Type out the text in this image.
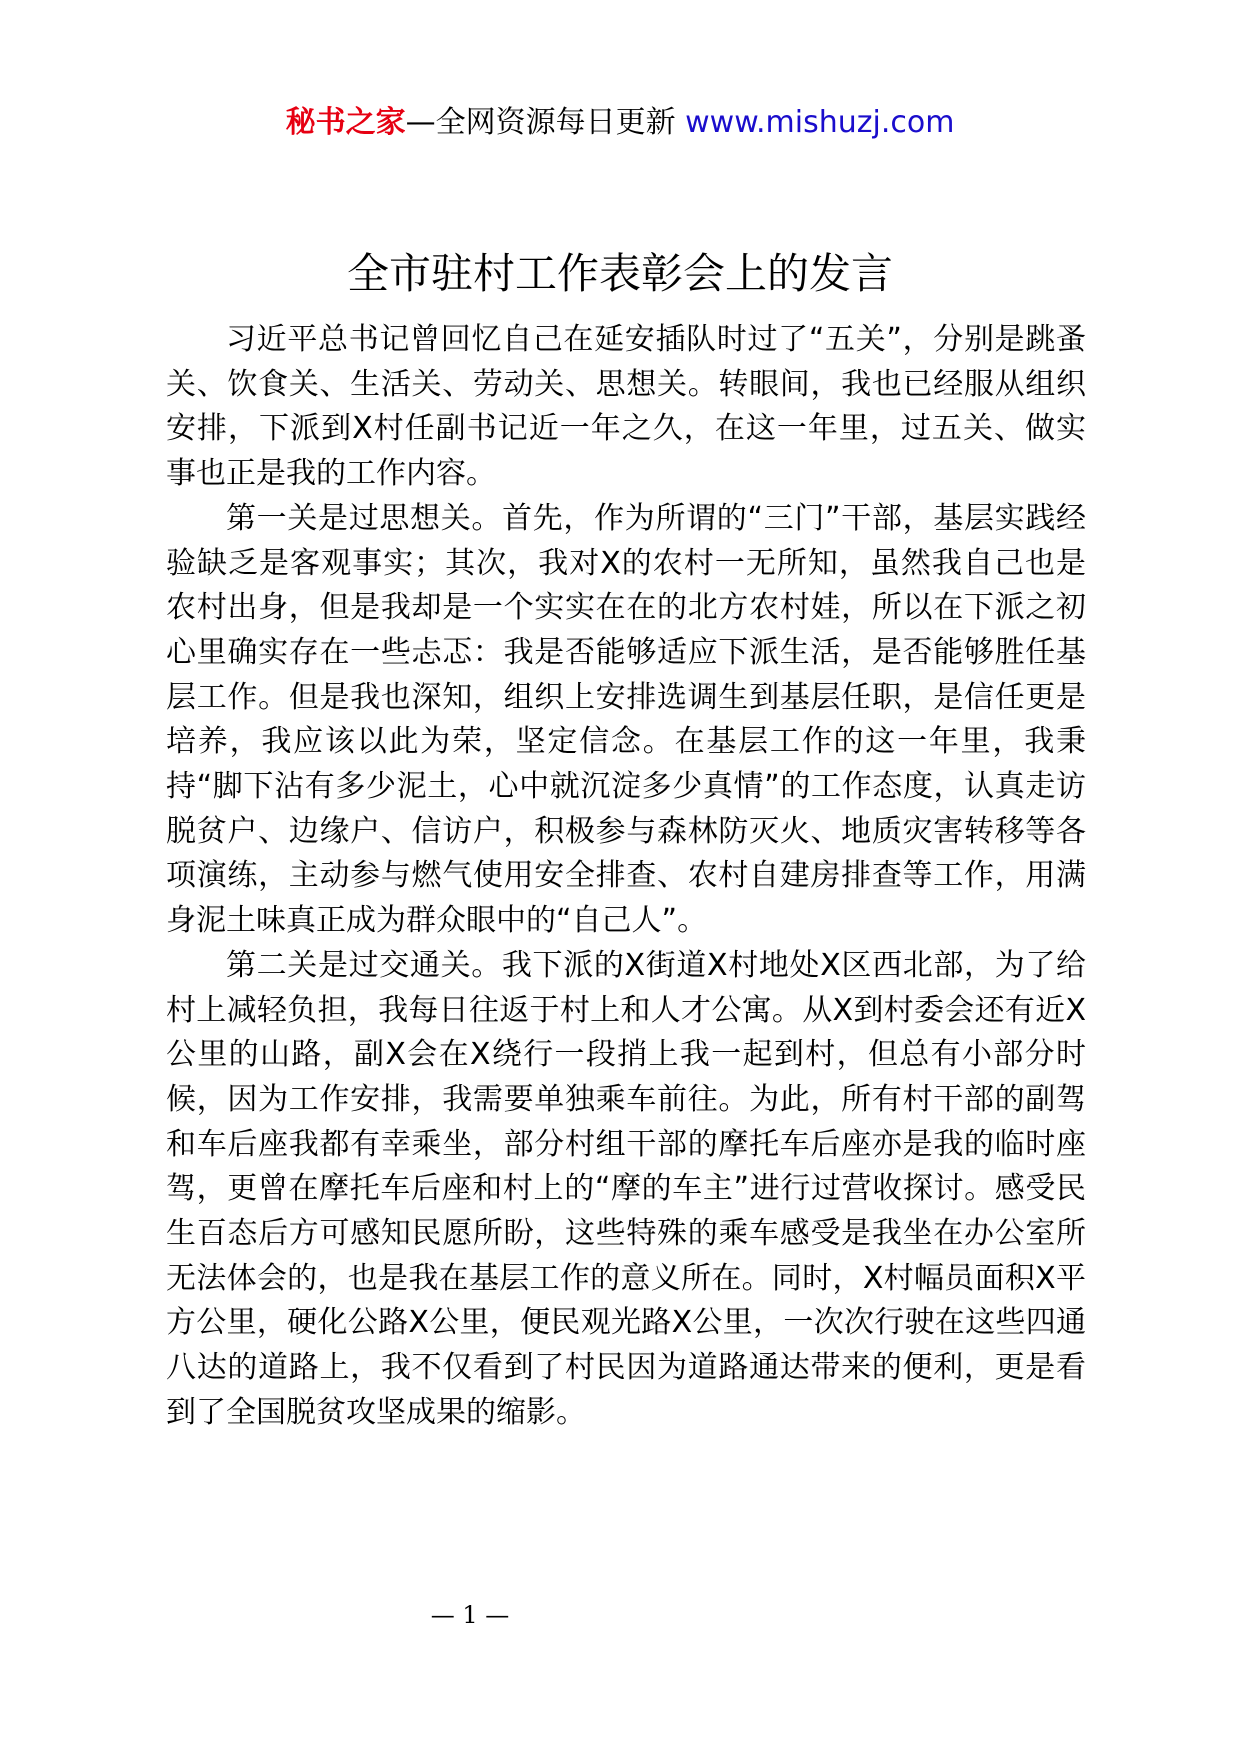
秘书之家—全网资源每日更新 www.mishuzj.com
全市驻村工作表彰会上的发言

习近平总书记曾回忆自己在延安插队时过了“五关”，分别是跳蚤关、饮食关、生活关、劳动关、思想关。转眼间，我也已经服从组织安排，下派到X村任副书记近一年之久，在这一年里，过五关、做实事也正是我的工作内容。

第一关是过思想关。首先，作为所谓的“三门”干部，基层实践经验缺乏是客观事实；其次，我对X的农村一无所知，虽然我自己也是农村出身，但是我却是一个实实在在的北方农村娃，所以在下派之初心里确实存在一些忐忑：我是否能够适应下派生活，是否能够胜任基层工作。但是我也深知，组织上安排选调生到基层任职，是信任更是培养，我应该以此为荣，坚定信念。在基层工作的这一年里，我秉持“脚下沾有多少泥土，心中就沉淀多少真情”的工作态度，认真走访脱贫户、边缘户、信访户，积极参与森林防灭火、地质灾害转移等各项演练，主动参与燃气使用安全排查、农村自建房排查等工作，用满身泥土味真正成为群众眼中的“自己人”。

第二关是过交通关。我下派的X街道X村地处X区西北部，为了给村上减轻负担，我每日往返于村上和人才公寓。从X到村委会还有近X公里的山路，副X会在X绕行一段捎上我一起到村，但总有小部分时候，因为工作安排，我需要单独乘车前往。为此，所有村干部的副驾和车后座我都有幸乘坐，部分村组干部的摩托车后座亦是我的临时座驾，更曾在摩托车后座和村上的“摩的车主”进行过营收探讨。感受民生百态后方可感知民愿所盼，这些特殊的乘车感受是我坐在办公室所无法体会的，也是我在基层工作的意义所在。同时，X村幅员面积X平方公里，硬化公路X公里，便民观光路X公里，一次次行驶在这些四通八达的道路上，我不仅看到了村民因为道路通达带来的便利，更是看到了全国脱贫攻坚成果的缩影。

— 1 —
